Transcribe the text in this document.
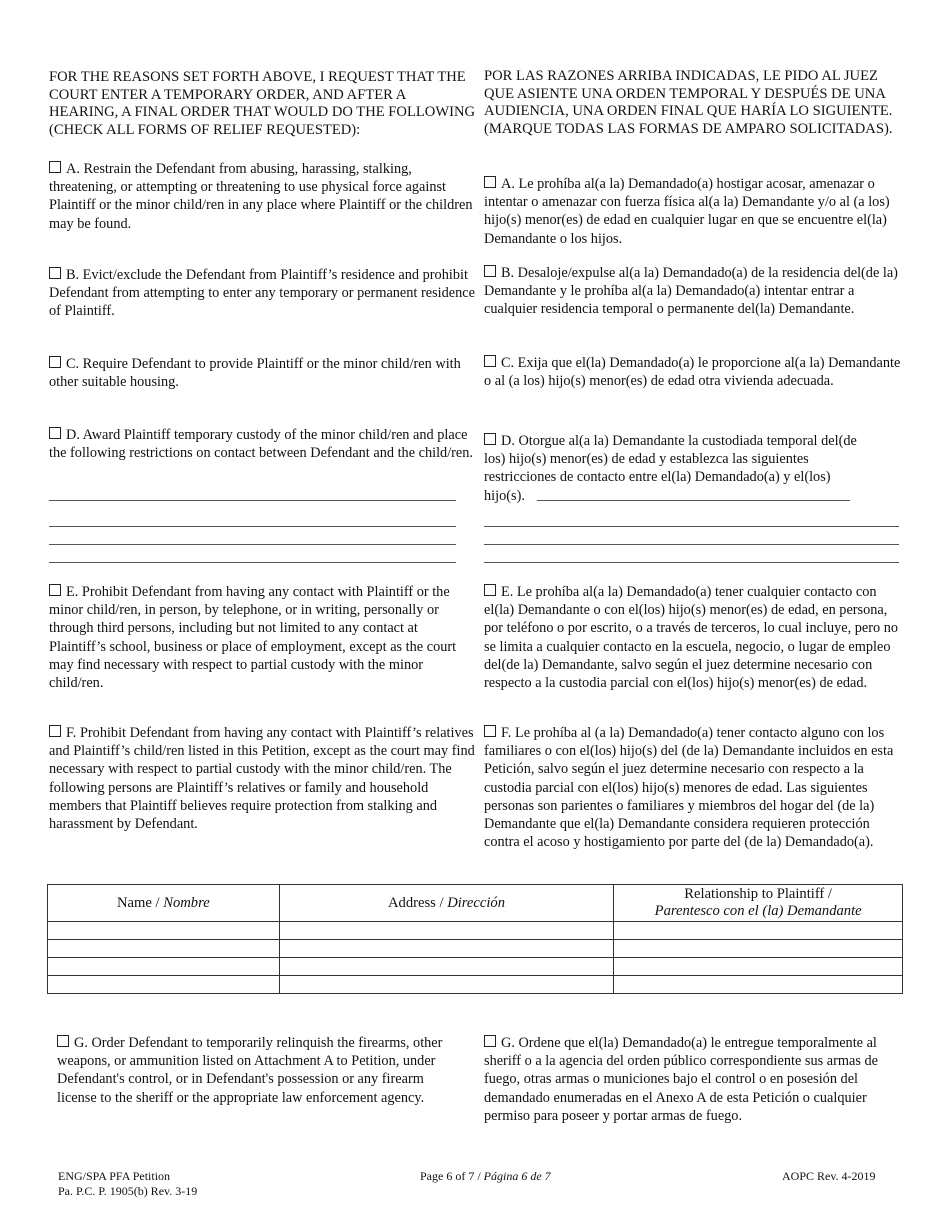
FOR THE REASONS SET FORTH ABOVE, I REQUEST THAT THE COURT ENTER A TEMPORARY ORDER, AND AFTER A HEARING, A FINAL ORDER THAT WOULD DO THE FOLLOWING (CHECK ALL FORMS OF RELIEF REQUESTED):
POR LAS RAZONES ARRIBA INDICADAS, LE PIDO AL JUEZ QUE ASIENTE UNA ORDEN TEMPORAL Y DESPUÉS DE UNA AUDIENCIA, UNA ORDEN FINAL QUE HARÍA LO SIGUIENTE. (MARQUE TODAS LAS FORMAS DE AMPARO SOLICITADAS).
A. Restrain the Defendant from abusing, harassing, stalking, threatening, or attempting or threatening to use physical force against Plaintiff or the minor child/ren in any place where Plaintiff or the children may be found.
A. Le prohíba al(a la) Demandado(a) hostigar acosar, amenazar o intentar o amenazar con fuerza física al(a la) Demandante y/o al (a los) hijo(s) menor(es) de edad en cualquier lugar en que se encuentre el(la) Demandante o los hijos.
B. Evict/exclude the Defendant from Plaintiff’s residence and prohibit Defendant from attempting to enter any temporary or permanent residence of Plaintiff.
B. Desaloje/expulse al(a la) Demandado(a) de la residencia del(de la) Demandante y le prohíba al(a la) Demandado(a) intentar entrar a cualquier residencia temporal o permanente del(la) Demandante.
C. Require Defendant to provide Plaintiff or the minor child/ren with other suitable housing.
C. Exija que el(la) Demandado(a) le proporcione al(a la) Demandante o al (a los) hijo(s) menor(es) de edad otra vivienda adecuada.
D. Award Plaintiff temporary custody of the minor child/ren and place the following restrictions on contact between Defendant and the child/ren.
D. Otorgue al(a la) Demandante la custodiada temporal del(de los) hijo(s) menor(es) de edad y establezca las siguientes restricciones de contacto entre el(la) Demandado(a) y el(los) hijo(s).
E. Prohibit Defendant from having any contact with Plaintiff or the minor child/ren, in person, by telephone, or in writing, personally or through third persons, including but not limited to any contact at Plaintiff’s school, business or place of employment, except as the court may find necessary with respect to partial custody with the minor child/ren.
E. Le prohíba al(a la) Demandado(a) tener cualquier contacto con el(la) Demandante o con el(los) hijo(s) menor(es) de edad, en persona, por teléfono o por escrito, o a través de terceros, lo cual incluye, pero no se limita a cualquier contacto en la escuela, negocio, o lugar de empleo del(de la) Demandante, salvo según el juez determine necesario con respecto a la custodia parcial con el(los) hijo(s) menor(es) de edad.
F. Prohibit Defendant from having any contact with Plaintiff’s relatives and Plaintiff’s child/ren listed in this Petition, except as the court may find necessary with respect to partial custody with the minor child/ren. The following persons are Plaintiff’s relatives or family and household members that Plaintiff believes require protection from stalking and harassment by Defendant.
F. Le prohíba al (a la) Demandado(a) tener contacto alguno con los familiares o con el(los) hijo(s) del (de la) Demandante incluidos en esta Petición, salvo según el juez determine necesario con respecto a la custodia parcial con el(los) hijo(s) menores de edad. Las siguientes personas son parientes o familiares y miembros del hogar del (de la) Demandante que el(la) Demandante considera requieren protección contra el acoso y hostigamiento por parte del (de la) Demandado(a).
Name / Nombre	Address / Dirección	Relationship to Plaintiff /
Parentesco con el (la) Demandante

G. Order Defendant to temporarily relinquish the firearms, other weapons, or ammunition listed on Attachment A to Petition, under Defendant's control, or in Defendant's possession or any firearm license to the sheriff or the appropriate law enforcement agency.
G. Ordene que el(la) Demandado(a) le entregue temporalmente al sheriff o a la agencia del orden público correspondiente sus armas de fuego, otras armas o municiones bajo el control o en posesión del demandado enumeradas en el Anexo A de esta Petición o cualquier permiso para poseer y portar armas de fuego.
ENG/SPA PFA Petition
Pa. P.C. P. 1905(b) Rev. 3-19
Page 6 of 7 / Página 6 de 7	AOPC Rev. 4-2019
